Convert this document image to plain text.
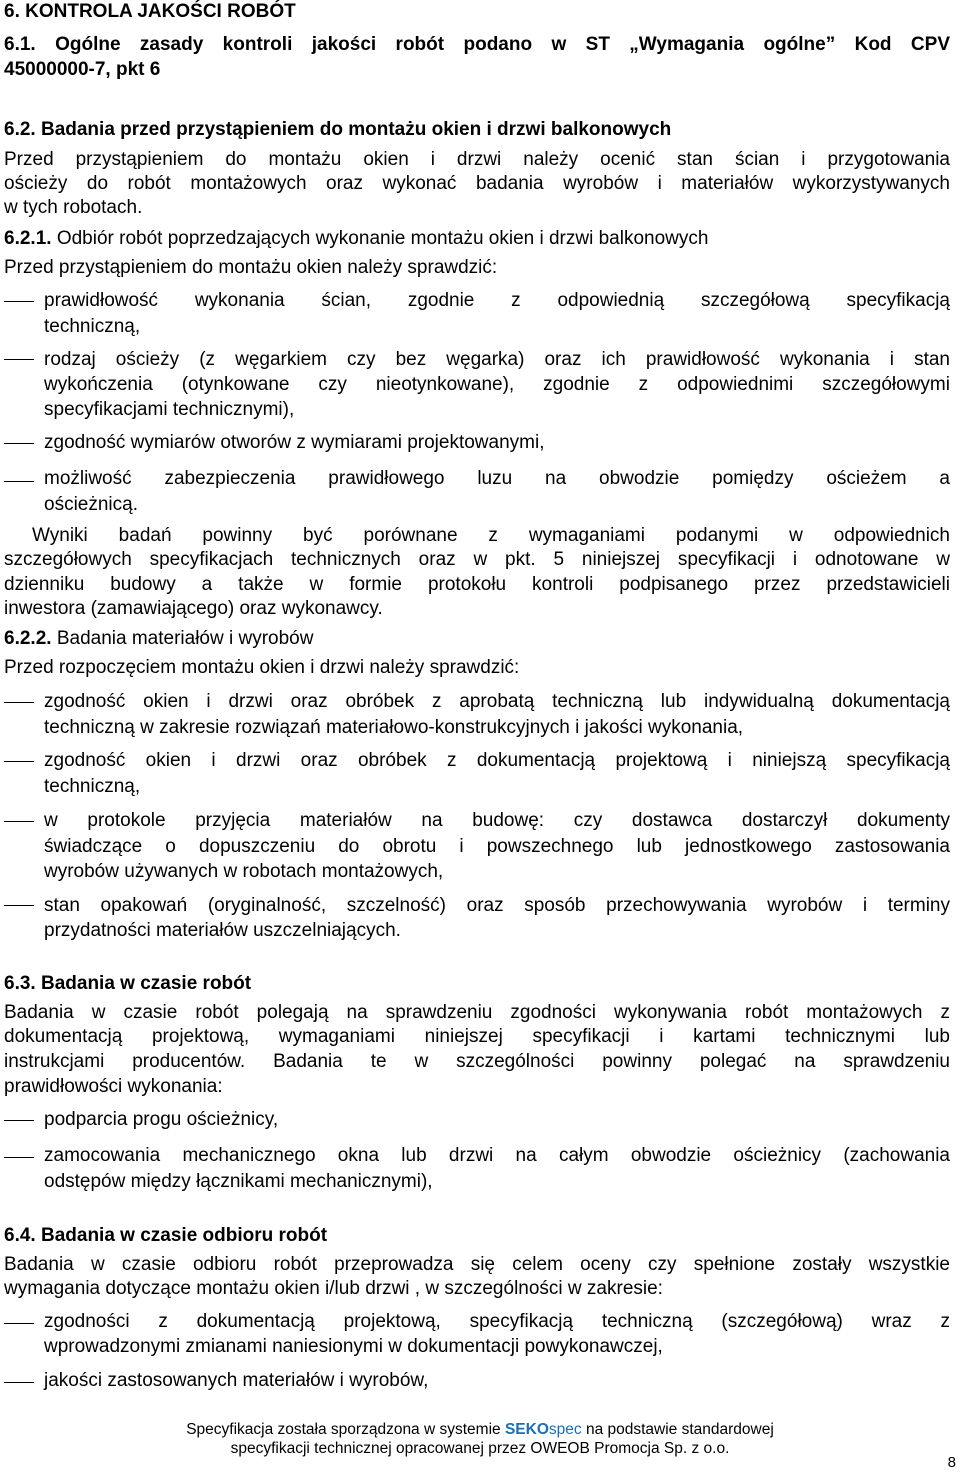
6. KONTROLA JAKOŚCI ROBÓT
6.1. Ogólne zasady kontroli jakości robót podano w ST „Wymagania ogólne” Kod CPV
45000000-7, pkt 6
6.2. Badania przed przystąpieniem do montażu okien i drzwi balkonowych
Przed przystąpieniem do montażu okien i drzwi należy ocenić stan ścian i przygotowania
ościeży do robót montażowych oraz wykonać badania wyrobów i materiałów wykorzystywanych
w tych robotach.
6.2.1. Odbiór robót poprzedzających wykonanie montażu okien i drzwi balkonowych
Przed przystąpieniem do montażu okien należy sprawdzić:
prawidłowość wykonania ścian, zgodnie z odpowiednią szczegółową specyfikacją
techniczną,
rodzaj ościeży (z węgarkiem czy bez węgarka) oraz ich prawidłowość wykonania i stan
wykończenia (otynkowane czy nieotynkowane), zgodnie z odpowiednimi szczegółowymi
specyfikacjami technicznymi),
zgodność wymiarów otworów z wymiarami projektowanymi,
możliwość zabezpieczenia prawidłowego luzu na obwodzie pomiędzy ościeżem a
ościeżnicą.
Wyniki badań powinny być porównane z wymaganiami podanymi w odpowiednich
szczegółowych specyfikacjach technicznych oraz w pkt. 5 niniejszej specyfikacji i odnotowane w
dzienniku budowy a także w formie protokołu kontroli podpisanego przez przedstawicieli
inwestora (zamawiającego) oraz wykonawcy.
6.2.2. Badania materiałów i wyrobów
Przed rozpoczęciem montażu okien i drzwi należy sprawdzić:
zgodność okien i drzwi oraz obróbek z aprobatą techniczną lub indywidualną dokumentacją
techniczną w zakresie rozwiązań materiałowo-konstrukcyjnych i jakości wykonania,
zgodność okien i drzwi oraz obróbek z dokumentacją projektową i niniejszą specyfikacją
techniczną,
w protokole przyjęcia materiałów na budowę: czy dostawca dostarczył dokumenty
świadczące o dopuszczeniu do obrotu i powszechnego lub jednostkowego zastosowania
wyrobów używanych w robotach montażowych,
stan opakowań (oryginalność, szczelność) oraz sposób przechowywania wyrobów i terminy
przydatności materiałów uszczelniających.
6.3. Badania w czasie robót
Badania w czasie robót polegają na sprawdzeniu zgodności wykonywania robót montażowych z
dokumentacją projektową, wymaganiami niniejszej specyfikacji i kartami technicznymi lub
instrukcjami producentów. Badania te w szczególności powinny polegać na sprawdzeniu
prawidłowości wykonania:
podparcia progu ościeżnicy,
zamocowania mechanicznego okna lub drzwi na całym obwodzie ościeżnicy (zachowania
odstępów między łącznikami mechanicznymi),
6.4. Badania w czasie odbioru robót
Badania w czasie odbioru robót przeprowadza się celem oceny czy spełnione zostały wszystkie
wymagania dotyczące montażu okien i/lub drzwi , w szczególności w zakresie:
zgodności z dokumentacją projektową, specyfikacją techniczną (szczegółową) wraz z
wprowadzonymi zmianami naniesionymi w dokumentacji powykonawczej,
jakości zastosowanych materiałów i wyrobów,
Specyfikacja została sporządzona w systemie SEKOspec na podstawie standardowej
specyfikacji technicznej opracowanej przez OWEOB Promocja Sp. z o.o.
8
